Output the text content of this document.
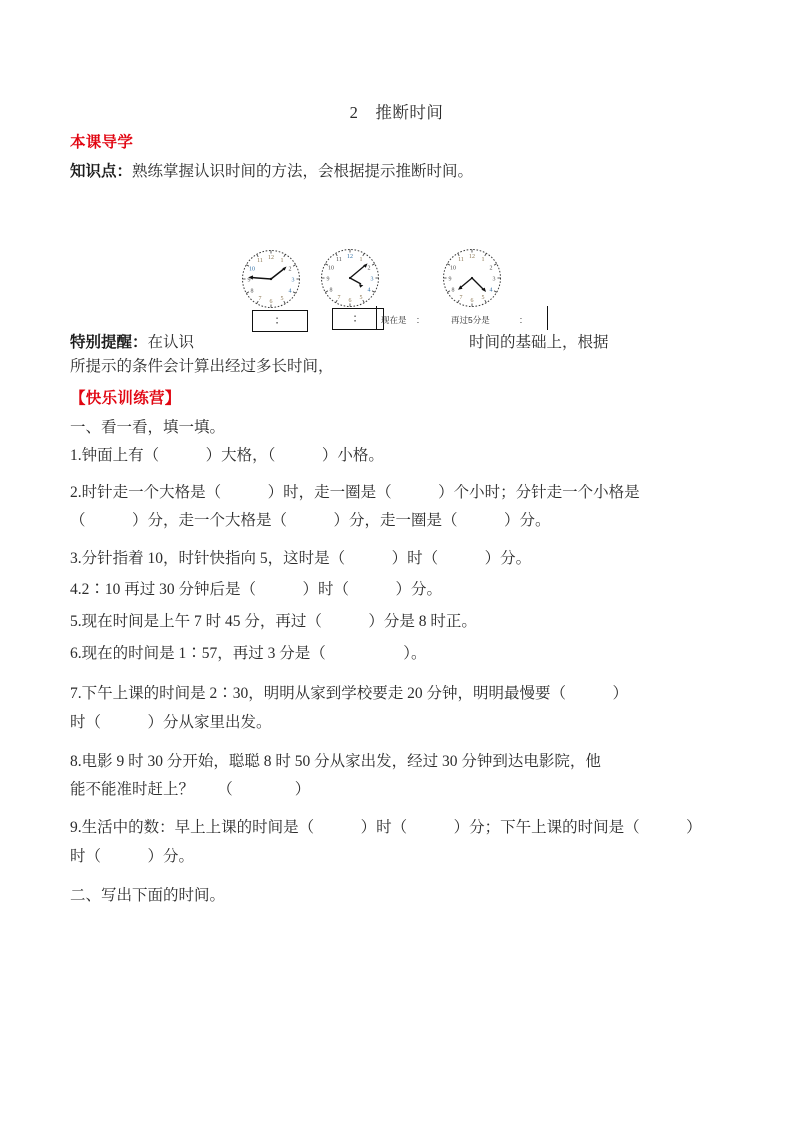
2　推断时间
本课导学
知识点：熟练掌握认识时间的方法，会根据提示推断时间。
12 1
2
3
4
5
6
7
8
9
10
11
12 1
2
3
4
5
6
7
8
9
10
11	12 1
2
3
4
5
6
7
8
9
10
11
：	：	现在是 ：	再过5分是	：
特别提醒：在认识	时间的基础上，根据
所提示的条件会计算出经过多长时间，
【快乐训练营】
一、看一看，填一填。
1.钟面上有（　　　）大格，（　　　）小格。
2.时针走一个大格是（　　　）时，走一圈是（　　　）个小时；分针走一个小格是
（　　　）分，走一个大格是（　　　）分，走一圈是（　　　）分。
3.分针指着 10，时针快指向 5，这时是（　　　）时（　　　）分。
4.2∶10 再过 30 分钟后是（　　　）时（　　　）分。
5.现在时间是上午 7 时 45 分，再过（　　　）分是 8 时正。
6.现在的时间是 1∶57，再过 3 分是（　　　　　）。
7.下午上课的时间是 2∶30，明明从家到学校要走 20 分钟，明明最慢要（　　　）
时（　　　）分从家里出发。
8.电影 9 时 30 分开始，聪聪 8 时 50 分从家出发，经过 30 分钟到达电影院，他
能不能准时赶上？　　（　　　　）
9.生活中的数：早上上课的时间是（　　　）时（　　　）分；下午上课的时间是（　　　）
时（　　　）分。
二、写出下面的时间。
